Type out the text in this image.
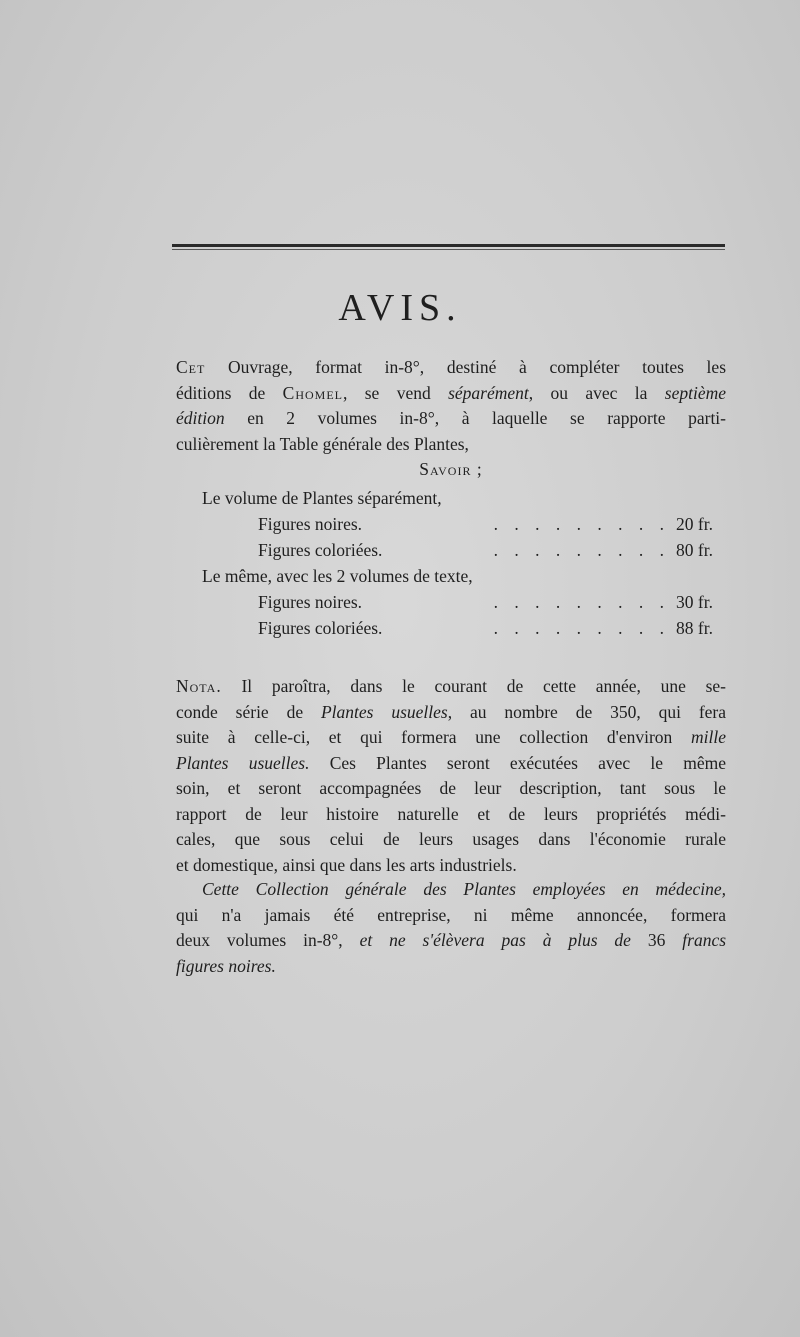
AVIS.
Cet Ouvrage, format in-8°, destiné à compléter toutes les
éditions de Chomel, se vend séparément, ou avec la septième
édition en 2 volumes in-8°, à laquelle se rapporte parti-
culièrement la Table générale des Plantes,
Savoir ;
Le volume de Plantes séparément,
Figures noires.	. . . . . . . . . 20 fr.
Figures coloriées.	. . . . . . . . . 80 fr.
Le même, avec les 2 volumes de texte,
Figures noires.	. . . . . . . . . 30 fr.
Figures coloriées.	. . . . . . . . . 88 fr.
Nota. Il paroîtra, dans le courant de cette année, une se-
conde série de Plantes usuelles, au nombre de 350, qui fera
suite à celle-ci, et qui formera une collection d'environ mille
Plantes usuelles. Ces Plantes seront exécutées avec le même
soin, et seront accompagnées de leur description, tant sous le
rapport de leur histoire naturelle et de leurs propriétés médi-
cales, que sous celui de leurs usages dans l'économie rurale
et domestique, ainsi que dans les arts industriels.
Cette Collection générale des Plantes employées en médecine,
qui n'a jamais été entreprise, ni même annoncée, formera
deux volumes in-8°, et ne s'élèvera pas à plus de 36 francs
figures noires.
